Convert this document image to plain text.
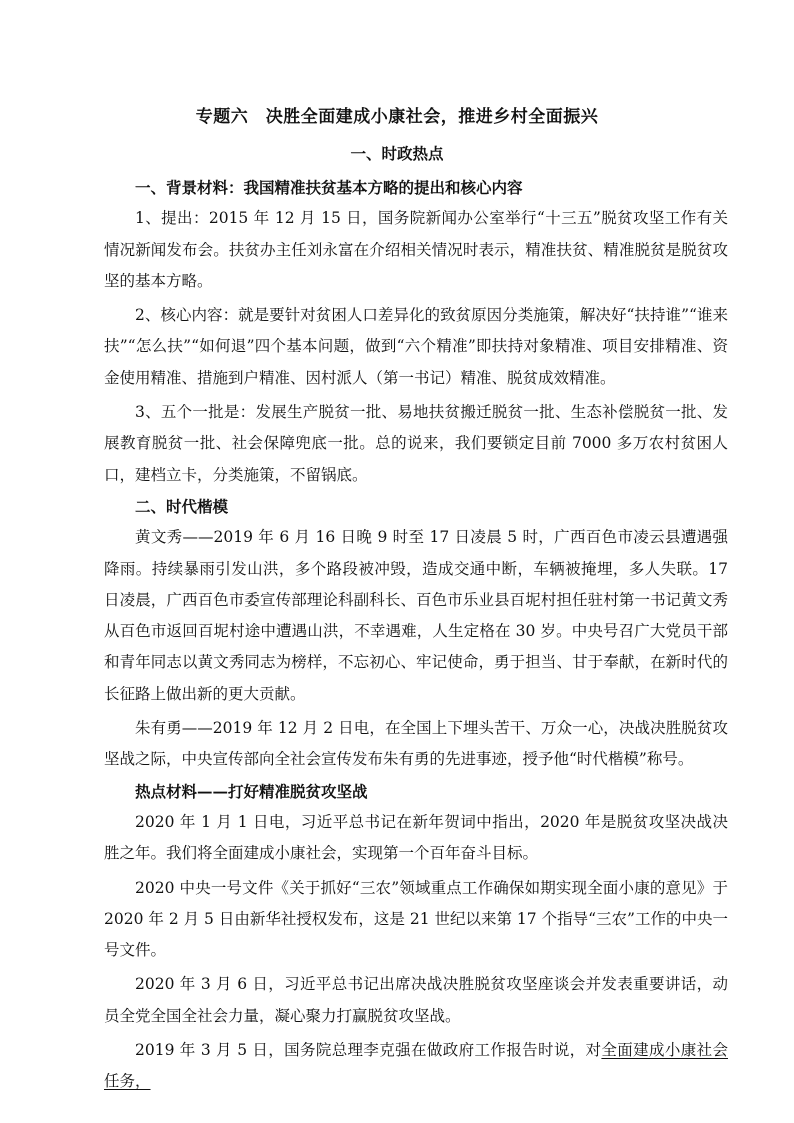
专题六　决胜全面建成小康社会，推进乡村全面振兴
一、时政热点

一、背景材料：我国精准扶贫基本方略的提出和核心内容

1、提出：2015 年 12 月 15 日，国务院新闻办公室举行“十三五”脱贫攻坚工作有关情况新闻发布会。扶贫办主任刘永富在介绍相关情况时表示，精准扶贫、精准脱贫是脱贫攻坚的基本方略。

2、核心内容：就是要针对贫困人口差异化的致贫原因分类施策，解决好“扶持谁”“谁来扶”“怎么扶”“如何退”四个基本问题，做到“六个精准”即扶持对象精准、项目安排精准、资金使用精准、措施到户精准、因村派人（第一书记）精准、脱贫成效精准。

3、五个一批是：发展生产脱贫一批、易地扶贫搬迁脱贫一批、生态补偿脱贫一批、发展教育脱贫一批、社会保障兜底一批。总的说来，我们要锁定目前 7000 多万农村贫困人口，建档立卡，分类施策，不留锅底。

二、时代楷模

黄文秀——2019 年 6 月 16 日晚 9 时至 17 日凌晨 5 时，广西百色市凌云县遭遇强降雨。持续暴雨引发山洪，多个路段被冲毁，造成交通中断，车辆被掩埋，多人失联。17 日凌晨，广西百色市委宣传部理论科副科长、百色市乐业县百坭村担任驻村第一书记黄文秀从百色市返回百坭村途中遭遇山洪，不幸遇难，人生定格在 30 岁。中央号召广大党员干部和青年同志以黄文秀同志为榜样，不忘初心、牢记使命，勇于担当、甘于奉献，在新时代的长征路上做出新的更大贡献。

朱有勇——2019 年 12 月 2 日电，在全国上下埋头苦干、万众一心，决战决胜脱贫攻坚战之际，中央宣传部向全社会宣传发布朱有勇的先进事迹，授予他“时代楷模”称号。

热点材料——打好精准脱贫攻坚战

2020 年 1 月 1 日电，习近平总书记在新年贺词中指出，2020 年是脱贫攻坚决战决胜之年。我们将全面建成小康社会，实现第一个百年奋斗目标。

2020 中央一号文件《关于抓好“三农”领域重点工作确保如期实现全面小康的意见》于 2020 年 2 月 5 日由新华社授权发布，这是 21 世纪以来第 17 个指导“三农”工作的中央一号文件。

2020 年 3 月 6 日，习近平总书记出席决战决胜脱贫攻坚座谈会并发表重要讲话，动员全党全国全社会力量，凝心聚力打赢脱贫攻坚战。

2019 年 3 月 5 日，国务院总理李克强在做政府工作报告时说，对全面建成小康社会任务，
